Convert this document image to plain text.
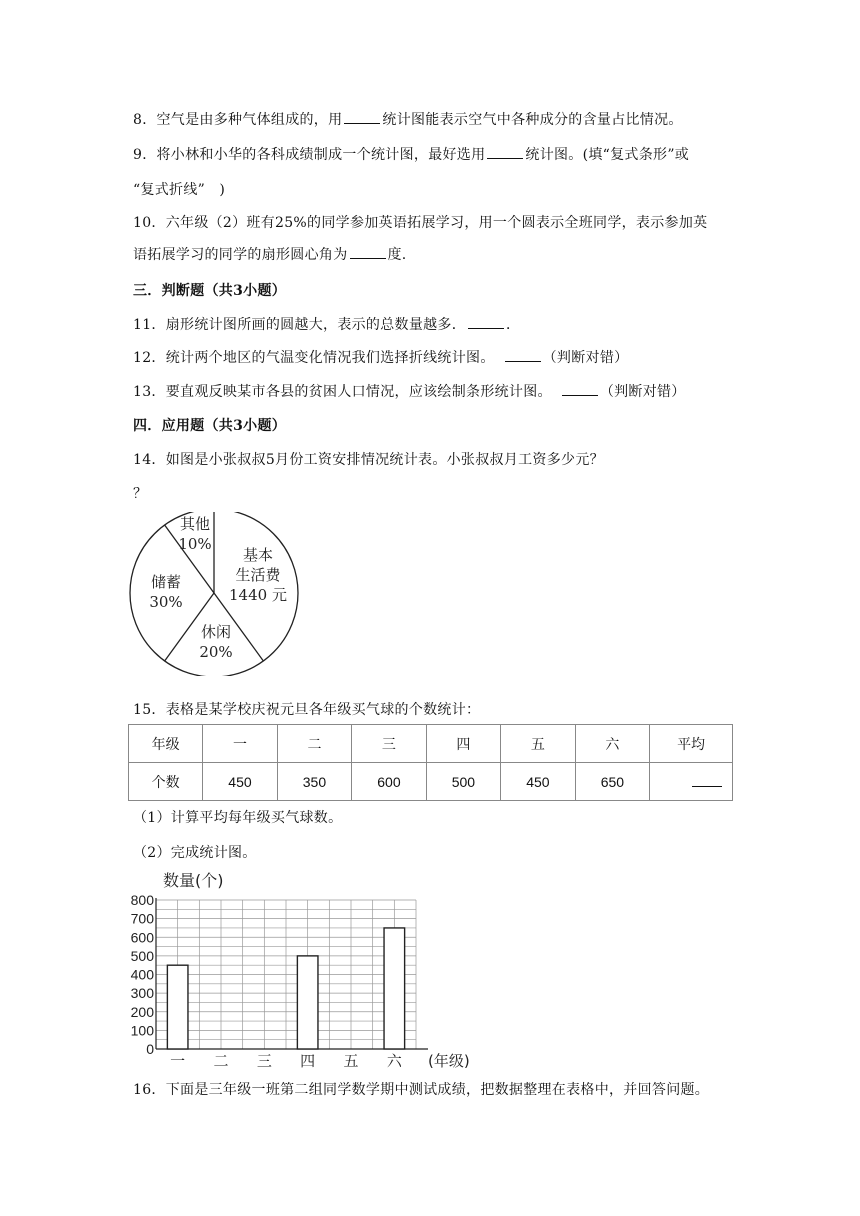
8．空气是由多种气体组成的，用	统计图能表示空气中各种成分的含量占比情况。
9．将小林和小华的各科成绩制成一个统计图，最好选用	统计图。(填“复式条形”或
“复式折线”　)
10．六年级（2）班有25%的同学参加英语拓展学习，用一个圆表示全班同学，表示参加英
语拓展学习的同学的扇形圆心角为	度.
三．判断题（共3小题）
11．扇形统计图所画的圆越大，表示的总数量越多．	．
12．统计两个地区的气温变化情况我们选择折线统计图。	（判断对错）
13．要直观反映某市各县的贫困人口情况，应该绘制条形统计图。	（判断对错）
四．应用题（共3小题）
14．如图是小张叔叔5月份工资安排情况统计表。小张叔叔月工资多少元？
？
基本
生活费
1440 元
休闲
20%
储蓄
30%
其他
10%
15．表格是某学校庆祝元旦各年级买气球的个数统计：
年级	一	二	三	四	五	六	平均
个数	450	350	600	500	450	650	
（1）计算平均每年级买气球数。
（2）完成统计图。
0
100
200
300
400
500
600
700
800
数量(个)
一 二 三 四 五 六 (年级)
16．下面是三年级一班第二组同学数学期中测试成绩，把数据整理在表格中，并回答问题。
